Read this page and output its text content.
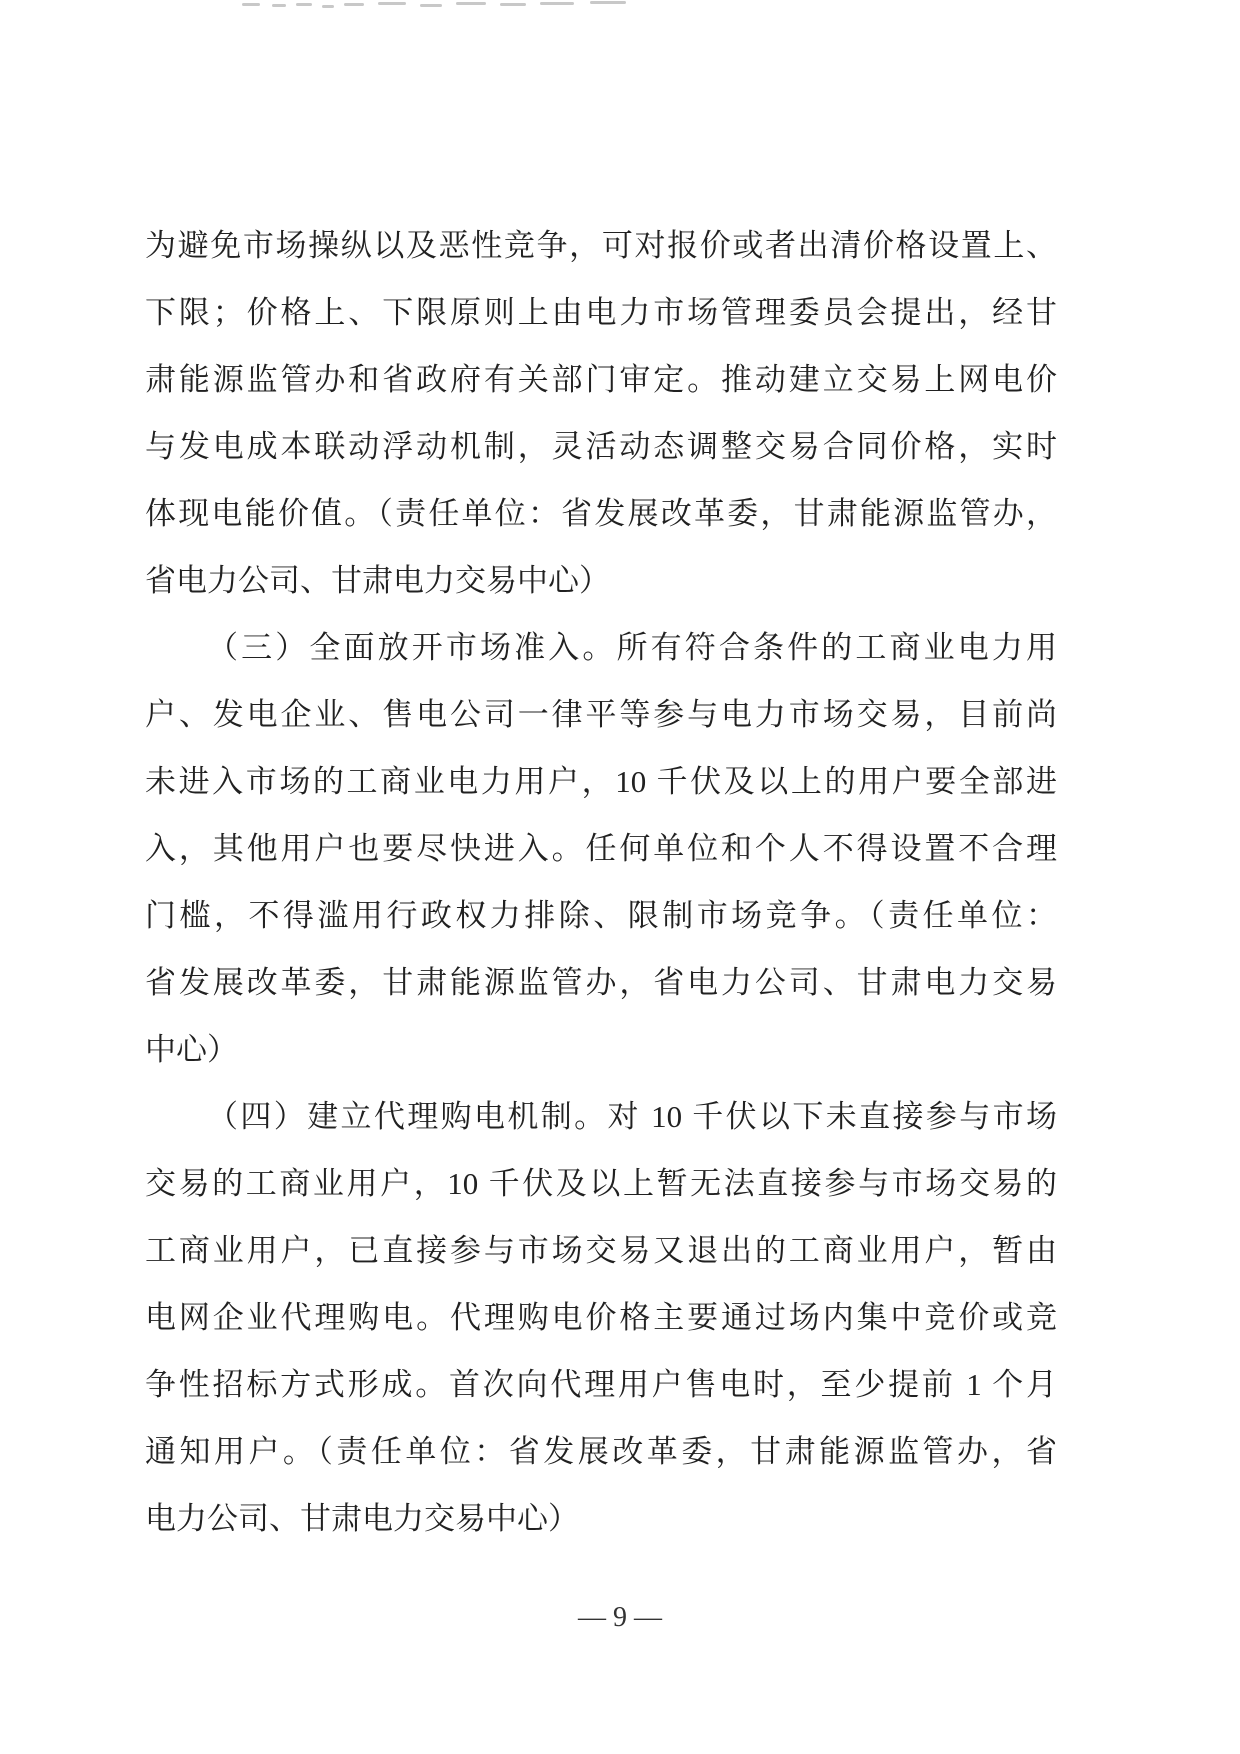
为避免市场操纵以及恶性竞争，可对报价或者出清价格设置上、
下限；价格上、下限原则上由电力市场管理委员会提出，经甘
肃能源监管办和省政府有关部门审定。推动建立交易上网电价
与发电成本联动浮动机制，灵活动态调整交易合同价格，实时
体现电能价值。（责任单位：省发展改革委，甘肃能源监管办，
省电力公司、甘肃电力交易中心）
（三）全面放开市场准入。所有符合条件的工商业电力用
户、发电企业、售电公司一律平等参与电力市场交易，目前尚
未进入市场的工商业电力用户，10 千伏及以上的用户要全部进
入，其他用户也要尽快进入。任何单位和个人不得设置不合理
门槛，不得滥用行政权力排除、限制市场竞争。（责任单位：
省发展改革委，甘肃能源监管办，省电力公司、甘肃电力交易
中心）
（四）建立代理购电机制。对 10 千伏以下未直接参与市场
交易的工商业用户，10 千伏及以上暂无法直接参与市场交易的
工商业用户，已直接参与市场交易又退出的工商业用户，暂由
电网企业代理购电。代理购电价格主要通过场内集中竞价或竞
争性招标方式形成。首次向代理用户售电时，至少提前 1 个月
通知用户。（责任单位：省发展改革委，甘肃能源监管办，省
电力公司、甘肃电力交易中心）
— 9 —
